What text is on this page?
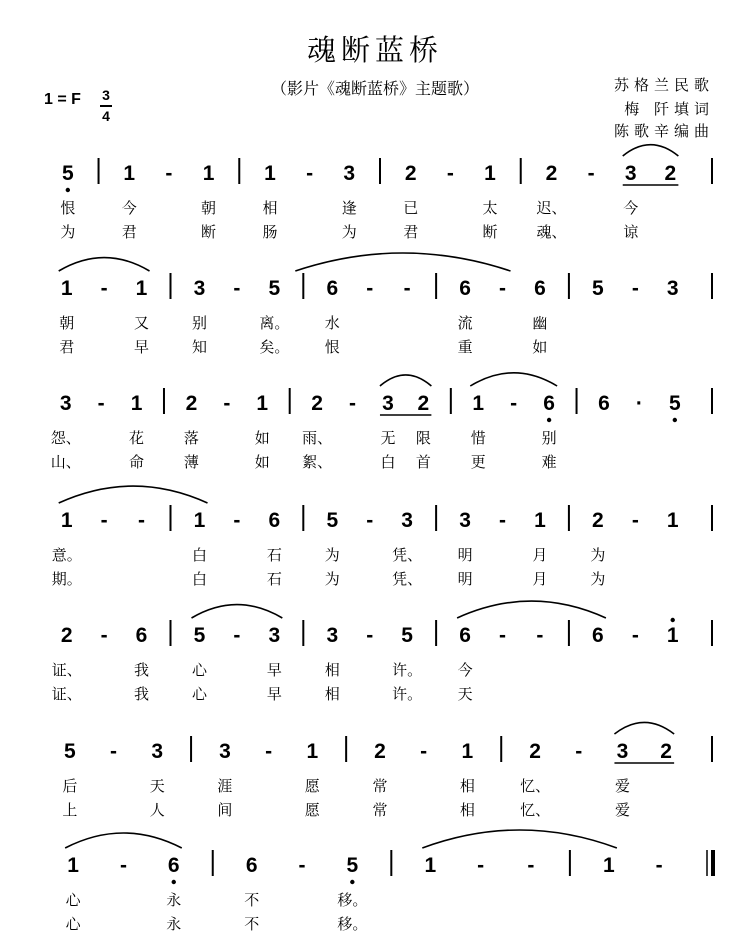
魂断蓝桥
（影片《魂断蓝桥》主题歌）	苏格兰民歌
梅 阡填词
陈歌辛编曲
1 = F 3
4
5 1 - 1 1 - 3 2 - 1 2 - 3 2
恨	今	朝	相	逢	已	太	迟、	今
为	君	断	肠	为	君	断	魂、	谅
1 - 1 3 - 5 6 - - 6 - 6 5 - 3
朝	又	别	离。 水	流	幽
君	早	知	矣。 恨	重	如
3 - 1 2 - 1 2 - 3 2 1 - 6 6 · 5
怨、	花	落	如 雨、	无 限	惜	别
山、	命	薄	如 絮、	白 首	更	难
1 - - 1 - 6 5 - 3 3 - 1 2 - 1
意。	白	石	为	凭、 明	月	为
期。	白	石	为	凭、 明	月	为
2 - 6 5 - 3 3 - 5 6 - - 6 - 1
证、	我	心	早	相	许。 今
证、	我	心	早	相	许。 天
5 - 3	3 - 1	2 - 1	2 - 3 2
后	天	涯	愿	常	相	忆、	爱
上	人	间	愿	常	相	忆、	爱
1 - 6	6 - 5	1 - -	1 -
心	永	不	移。
心	永	不	移。
